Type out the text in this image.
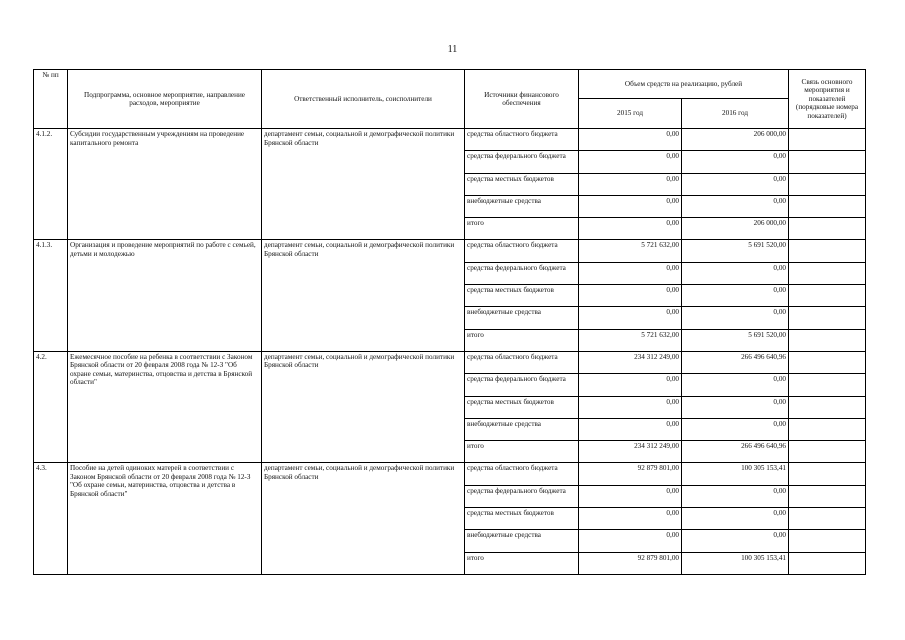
11
№ пп	Подпрограмма, основное мероприятие, направление расходов, мероприятие	Ответственный исполнитель, соисполнители	Источники финансового обеспечения	Объем средств на реализацию, рублей		Связь основного мероприятия и показателей (порядковые номера показателей)
				2015 год	2016 год	
4.1.2.	Субсидии государственным учреждениям на проведение капитального ремонта	департамент семьи, социальной и демографической политики Брянской области	средства областного бюджета	0,00	206 000,00	
			средства федерального бюджета	0,00	0,00	
			средства местных бюджетов	0,00	0,00	
			внебюджетные средства	0,00	0,00	
			итого	0,00	206 000,00	
4.1.3.	Организация и проведение мероприятий по работе с семьей, детьми и молодежью	департамент семьи, социальной и демографической политики Брянской области	средства областного бюджета	5 721 632,00	5 691 520,00	
			средства федерального бюджета	0,00	0,00	
			средства местных бюджетов	0,00	0,00	
			внебюджетные средства	0,00	0,00	
			итого	5 721 632,00	5 691 520,00	
4.2.	Ежемесячное пособие на ребенка в соответствии с Законом Брянской области от 20 февраля 2008 года № 12-З "Об охране семьи, материнства, отцовства и детства в Брянской области"	департамент семьи, социальной и демографической политики Брянской области	средства областного бюджета	234 312 249,00	266 496 640,96	
			средства федерального бюджета	0,00	0,00	
			средства местных бюджетов	0,00	0,00	
			внебюджетные средства	0,00	0,00	
			итого	234 312 249,00	266 496 640,96	
4.3.	Пособие на детей одиноких матерей в соответствии с Законом Брянской области от 20 февраля 2008 года № 12-З "Об охране семьи, материнства, отцовства и детства в Брянской области"	департамент семьи, социальной и демографической политики Брянской области	средства областного бюджета	92 879 801,00	100 305 153,41	
			средства федерального бюджета	0,00	0,00	
			средства местных бюджетов	0,00	0,00	
			внебюджетные средства	0,00	0,00	
			итого	92 879 801,00	100 305 153,41	
